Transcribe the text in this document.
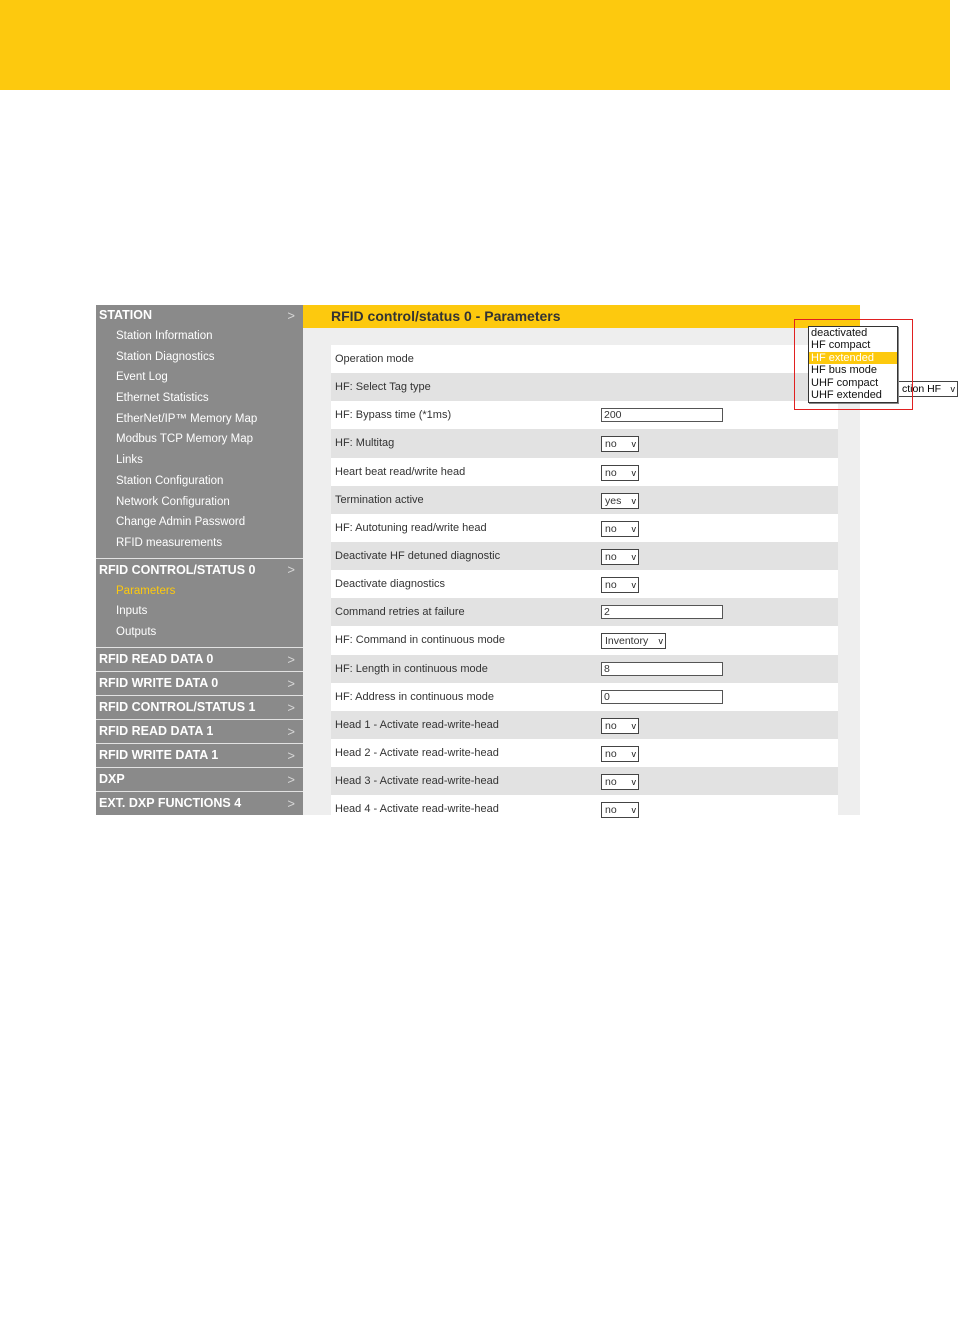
STATION	>
Station Information
Station Diagnostics
Event Log
Ethernet Statistics
EtherNet/IP™ Memory Map
Modbus TCP Memory Map
Links
Station Configuration
Network Configuration
Change Admin Password
RFID measurements
RFID CONTROL/STATUS 0 >
Parameters
Inputs
Outputs
RFID READ DATA 0	>
RFID WRITE DATA 0	>
RFID CONTROL/STATUS 1 >
RFID READ DATA 1	>
RFID WRITE DATA 1	>
DXP	>
EXT. DXP FUNCTIONS 4	>
RFID control/status 0 - Parameters
Operation mode
HF: Select Tag type
HF: Bypass time (*1ms)	200
HF: Multitag	no v
Heart beat read/write head	no v
Termination active	yes v
HF: Autotuning read/write head	no v
Deactivate HF detuned diagnostic	no v
Deactivate diagnostics	no v
Command retries at failure	2
HF: Command in continuous mode	Inventory v
HF: Length in continuous mode	8
HF: Address in continuous mode	0
Head 1 - Activate read-write-head	no v
Head 2 - Activate read-write-head	no v
Head 3 - Activate read-write-head	no v
Head 4 - Activate read-write-head	no v
ction HF v
deactivated
HF compact
HF extended
HF bus mode
UHF compact
UHF extended
